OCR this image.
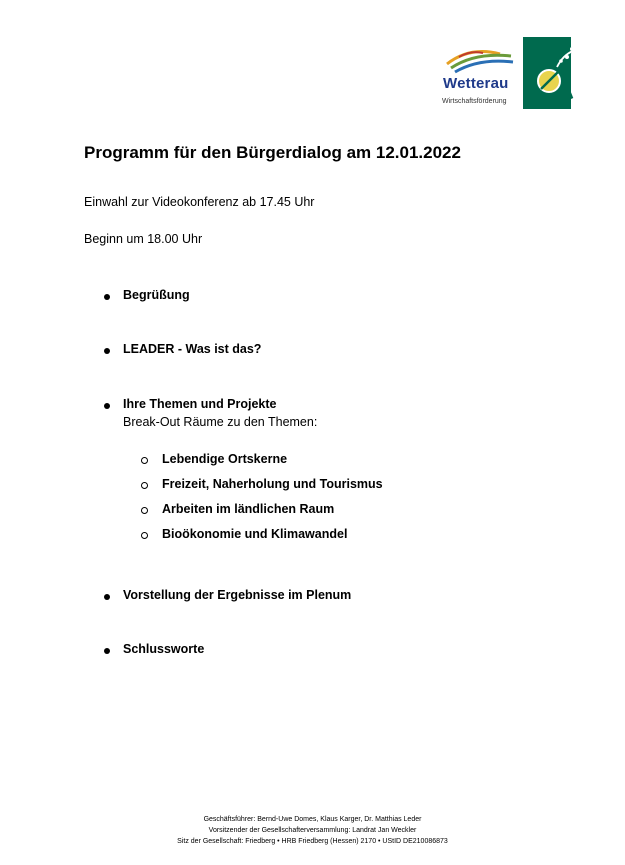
Wetterau
Wirtschaftsförderung
Programm für den Bürgerdialog am 12.01.2022
Einwahl zur Videokonferenz ab 17.45 Uhr
Beginn um 18.00 Uhr
Begrüßung
LEADER - Was ist das?
Ihre Themen und Projekte
Break-Out Räume zu den Themen:
Lebendige Ortskerne
Freizeit, Naherholung und Tourismus
Arbeiten im ländlichen Raum
Bioökonomie und Klimawandel
Vorstellung der Ergebnisse im Plenum
Schlussworte
Geschäftsführer: Bernd-Uwe Domes, Klaus Karger, Dr. Matthias Leder
Vorsitzender der Gesellschafterversammlung: Landrat Jan Weckler
Sitz der Gesellschaft: Friedberg • HRB Friedberg (Hessen) 2170 • UStID DE210086873
